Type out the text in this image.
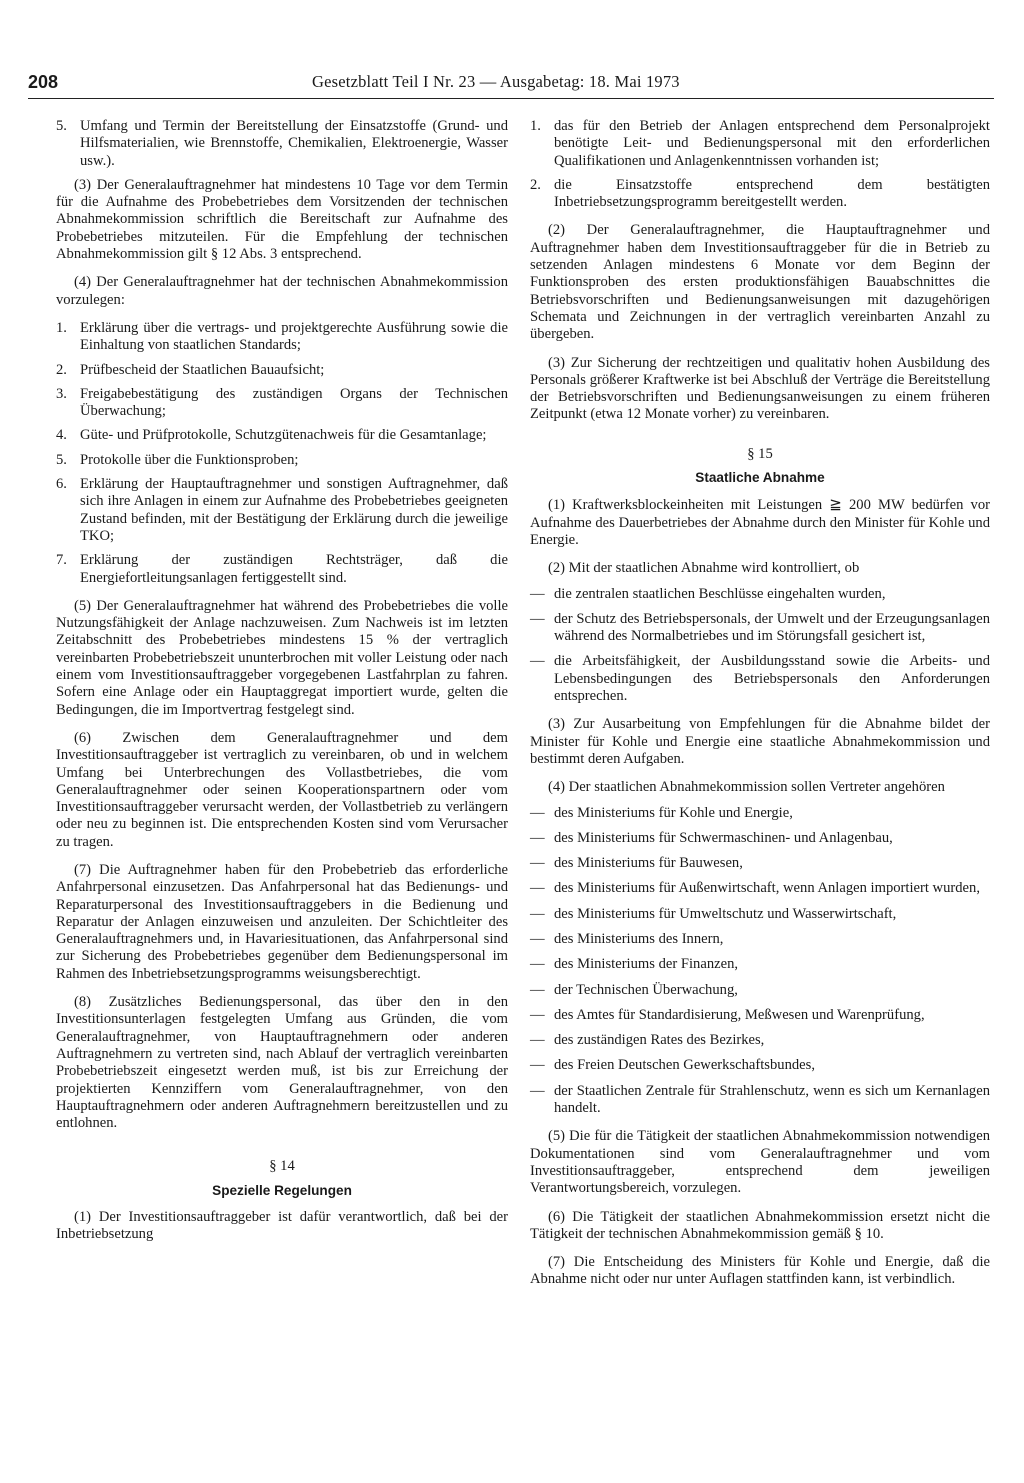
208	Gesetzblatt Teil I Nr. 23 — Ausgabetag: 18. Mai 1973
5. Umfang und Termin der Bereitstellung der Einsatzstoffe (Grund- und Hilfsmaterialien, wie Brennstoffe, Chemikalien, Elektroenergie, Wasser usw.).

(3) Der Generalauftragnehmer hat mindestens 10 Tage vor dem Termin für die Aufnahme des Probebetriebes dem Vorsitzenden der technischen Abnahmekommission schriftlich die Bereitschaft zur Aufnahme des Probebetriebes mitzuteilen. Für die Empfehlung der technischen Abnahmekommission gilt § 12 Abs. 3 entsprechend.

(4) Der Generalauftragnehmer hat der technischen Abnahmekommission vorzulegen:

1. Erklärung über die vertrags- und projektgerechte Ausführung sowie die Einhaltung von staatlichen Standards;
2. Prüfbescheid der Staatlichen Bauaufsicht;
3. Freigabebestätigung des zuständigen Organs der Technischen Überwachung;
4. Güte- und Prüfprotokolle, Schutzgütenachweis für die Gesamtanlage;
5. Protokolle über die Funktionsproben;
6. Erklärung der Hauptauftragnehmer und sonstigen Auftragnehmer, daß sich ihre Anlagen in einem zur Aufnahme des Probebetriebes geeigneten Zustand befinden, mit der Bestätigung der Erklärung durch die jeweilige TKO;
7. Erklärung der zuständigen Rechtsträger, daß die Energiefortleitungsanlagen fertiggestellt sind.

(5) Der Generalauftragnehmer hat während des Probebetriebes die volle Nutzungsfähigkeit der Anlage nachzuweisen. Zum Nachweis ist im letzten Zeitabschnitt des Probebetriebes mindestens 15 % der vertraglich vereinbarten Probebetriebszeit ununterbrochen mit voller Leistung oder nach einem vom Investitionsauftraggeber vorgegebenen Lastfahrplan zu fahren. Sofern eine Anlage oder ein Hauptaggregat importiert wurde, gelten die Bedingungen, die im Importvertrag festgelegt sind.

(6) Zwischen dem Generalauftragnehmer und dem Investitionsauftraggeber ist vertraglich zu vereinbaren, ob und in welchem Umfang bei Unterbrechungen des Vollastbetriebes, die vom Generalauftragnehmer oder seinen Kooperationspartnern oder vom Investitionsauftraggeber verursacht werden, der Vollastbetrieb zu verlängern oder neu zu beginnen ist. Die entsprechenden Kosten sind vom Verursacher zu tragen.

(7) Die Auftragnehmer haben für den Probebetrieb das erforderliche Anfahrpersonal einzusetzen. Das Anfahrpersonal hat das Bedienungs- und Reparaturpersonal des Investitionsauftraggebers in die Bedienung und Reparatur der Anlagen einzuweisen und anzuleiten. Der Schichtleiter des Generalauftragnehmers und, in Havariesituationen, das Anfahrpersonal sind zur Sicherung des Probebetriebes gegenüber dem Bedienungspersonal im Rahmen des Inbetriebsetzungsprogramms weisungsberechtigt.

(8) Zusätzliches Bedienungspersonal, das über den in den Investitionsunterlagen festgelegten Umfang aus Gründen, die vom Generalauftragnehmer, von Hauptauftragnehmern oder anderen Auftragnehmern zu vertreten sind, nach Ablauf der vertraglich vereinbarten Probebetriebszeit eingesetzt werden muß, ist bis zur Erreichung der projektierten Kennziffern vom Generalauftragnehmer, von den Hauptauftragnehmern oder anderen Auftragnehmern bereitzustellen und zu entlohnen.

§ 14
Spezielle Regelungen

(1) Der Investitionsauftraggeber ist dafür verantwortlich, daß bei der Inbetriebsetzung

1. das für den Betrieb der Anlagen entsprechend dem Personalprojekt benötigte Leit- und Bedienungspersonal mit den erforderlichen Qualifikationen und Anlagenkenntnissen vorhanden ist;
2. die Einsatzstoffe entsprechend dem bestätigten Inbetriebsetzungsprogramm bereitgestellt werden.

(2) Der Generalauftragnehmer, die Hauptauftragnehmer und Auftragnehmer haben dem Investitionsauftraggeber für die in Betrieb zu setzenden Anlagen mindestens 6 Monate vor dem Beginn der Funktionsproben des ersten produktionsfähigen Bauabschnittes die Betriebsvorschriften und Bedienungsanweisungen mit dazugehörigen Schemata und Zeichnungen in der vertraglich vereinbarten Anzahl zu übergeben.

(3) Zur Sicherung der rechtzeitigen und qualitativ hohen Ausbildung des Personals größerer Kraftwerke ist bei Abschluß der Verträge die Bereitstellung der Betriebsvorschriften und Bedienungsanweisungen zu einem früheren Zeitpunkt (etwa 12 Monate vorher) zu vereinbaren.

§ 15
Staatliche Abnahme

(1) Kraftwerksblockeinheiten mit Leistungen ≧ 200 MW bedürfen vor Aufnahme des Dauerbetriebes der Abnahme durch den Minister für Kohle und Energie.

(2) Mit der staatlichen Abnahme wird kontrolliert, ob

— die zentralen staatlichen Beschlüsse eingehalten wurden,
— der Schutz des Betriebspersonals, der Umwelt und der Erzeugungsanlagen während des Normalbetriebes und im Störungsfall gesichert ist,
— die Arbeitsfähigkeit, der Ausbildungsstand sowie die Arbeits- und Lebensbedingungen des Betriebspersonals den Anforderungen entsprechen.

(3) Zur Ausarbeitung von Empfehlungen für die Abnahme bildet der Minister für Kohle und Energie eine staatliche Abnahmekommission und bestimmt deren Aufgaben.

(4) Der staatlichen Abnahmekommission sollen Vertreter angehören

— des Ministeriums für Kohle und Energie,
— des Ministeriums für Schwermaschinen- und Anlagenbau,
— des Ministeriums für Bauwesen,
— des Ministeriums für Außenwirtschaft, wenn Anlagen importiert wurden,
— des Ministeriums für Umweltschutz und Wasserwirtschaft,
— des Ministeriums des Innern,
— des Ministeriums der Finanzen,
— der Technischen Überwachung,
— des Amtes für Standardisierung, Meßwesen und Warenprüfung,
— des zuständigen Rates des Bezirkes,
— des Freien Deutschen Gewerkschaftsbundes,
— der Staatlichen Zentrale für Strahlenschutz, wenn es sich um Kernanlagen handelt.

(5) Die für die Tätigkeit der staatlichen Abnahmekommission notwendigen Dokumentationen sind vom Generalauftragnehmer und vom Investitionsauftraggeber, entsprechend dem jeweiligen Verantwortungsbereich, vorzulegen.

(6) Die Tätigkeit der staatlichen Abnahmekommission ersetzt nicht die Tätigkeit der technischen Abnahmekommission gemäß § 10.

(7) Die Entscheidung des Ministers für Kohle und Energie, daß die Abnahme nicht oder nur unter Auflagen stattfinden kann, ist verbindlich.
